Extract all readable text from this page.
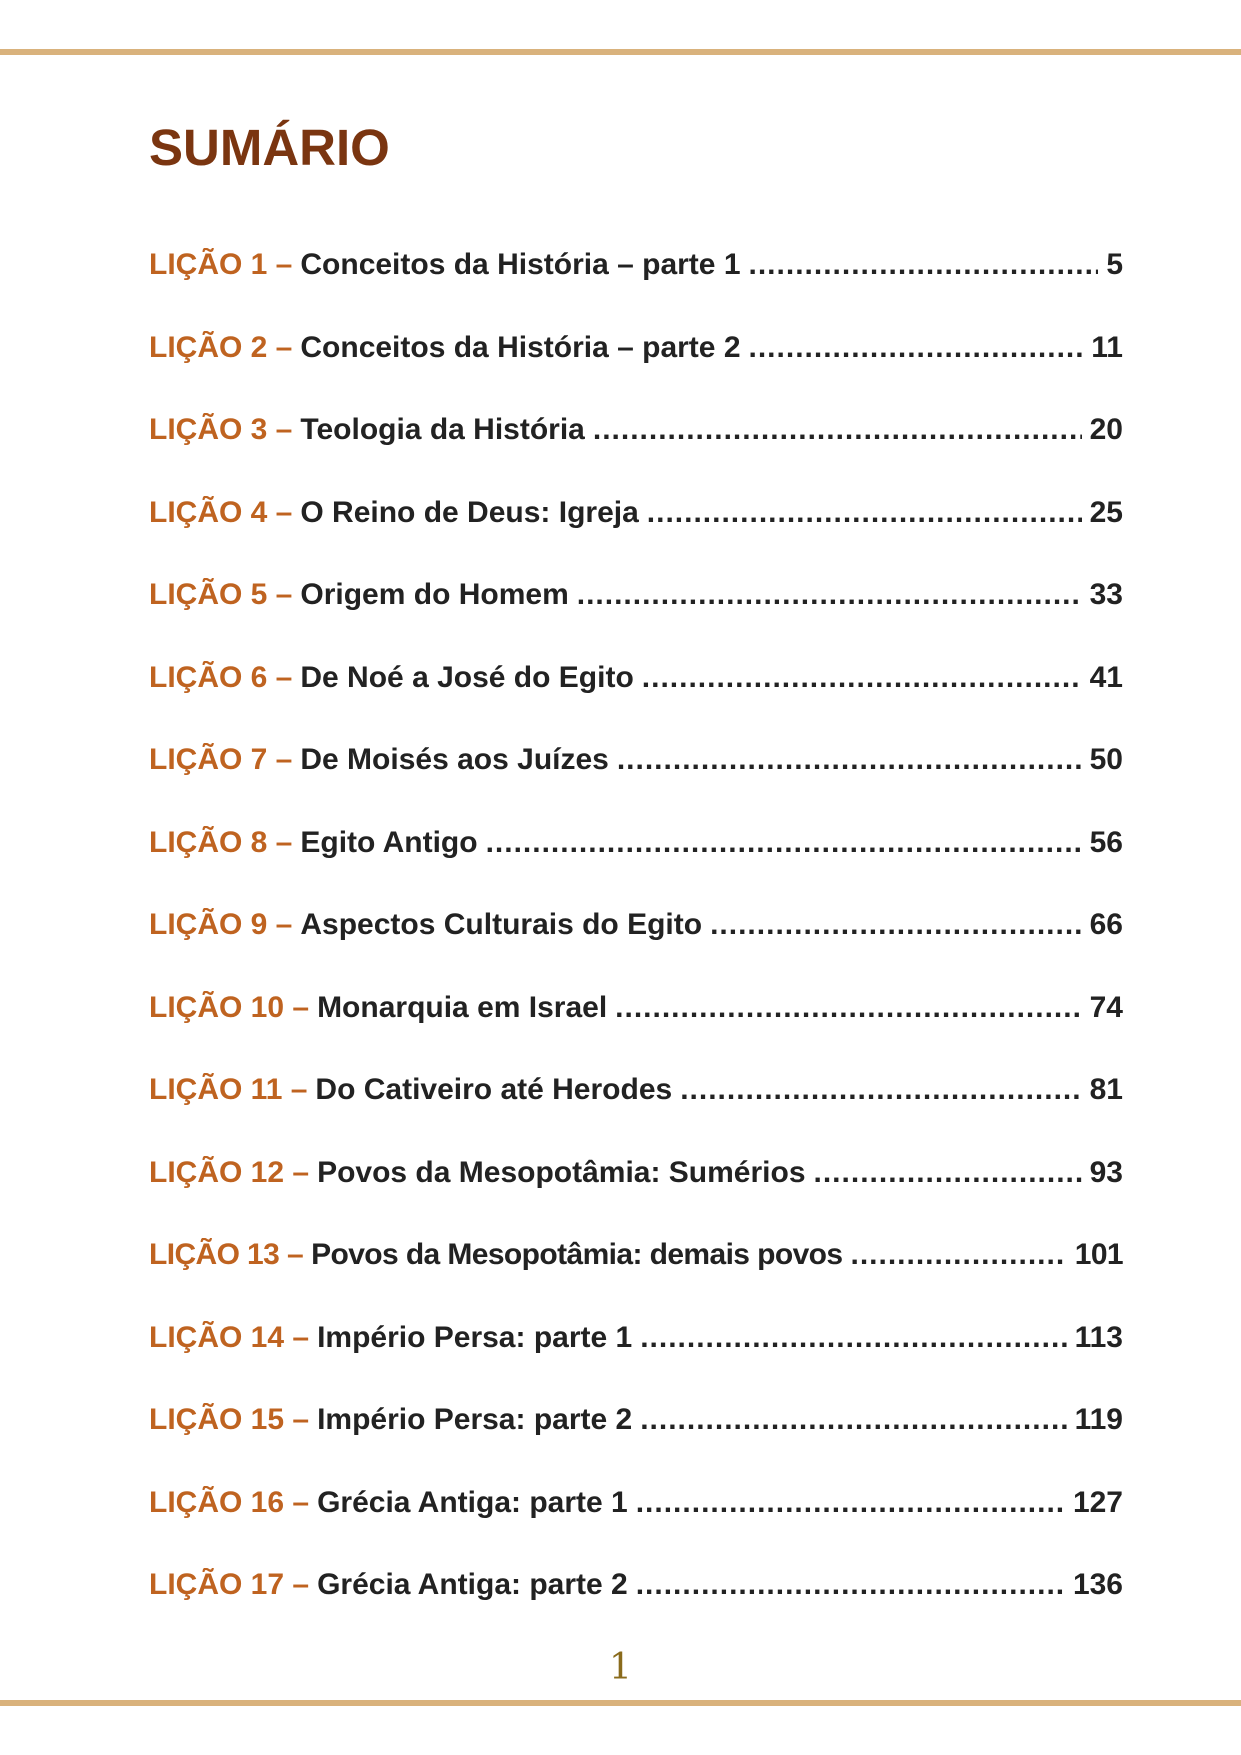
SUMÁRIO
LIÇÃO 1 – Conceitos da História – parte 1 .....	5
LIÇÃO 2 – Conceitos da História – parte 2 .....	11
LIÇÃO 3 – Teologia da História .....	20
LIÇÃO 4 – O Reino de Deus: Igreja .....	25
LIÇÃO 5 – Origem do Homem .....	33
LIÇÃO 6 – De Noé a José do Egito .....	41
LIÇÃO 7 – De Moisés aos Juízes .....	50
LIÇÃO 8 – Egito Antigo .....	56
LIÇÃO 9 – Aspectos Culturais do Egito .....	66
LIÇÃO 10 – Monarquia em Israel .....	74
LIÇÃO 11 – Do Cativeiro até Herodes .....	81
LIÇÃO 12 – Povos da Mesopotâmia: Sumérios .....	93
LIÇÃO 13 – Povos da Mesopotâmia: demais povos .....	101
LIÇÃO 14 – Império Persa: parte 1 .....	113
LIÇÃO 15 – Império Persa: parte 2 .....	119
LIÇÃO 16 – Grécia Antiga: parte 1 .....	127
LIÇÃO 17 – Grécia Antiga: parte 2 .....	136
1
